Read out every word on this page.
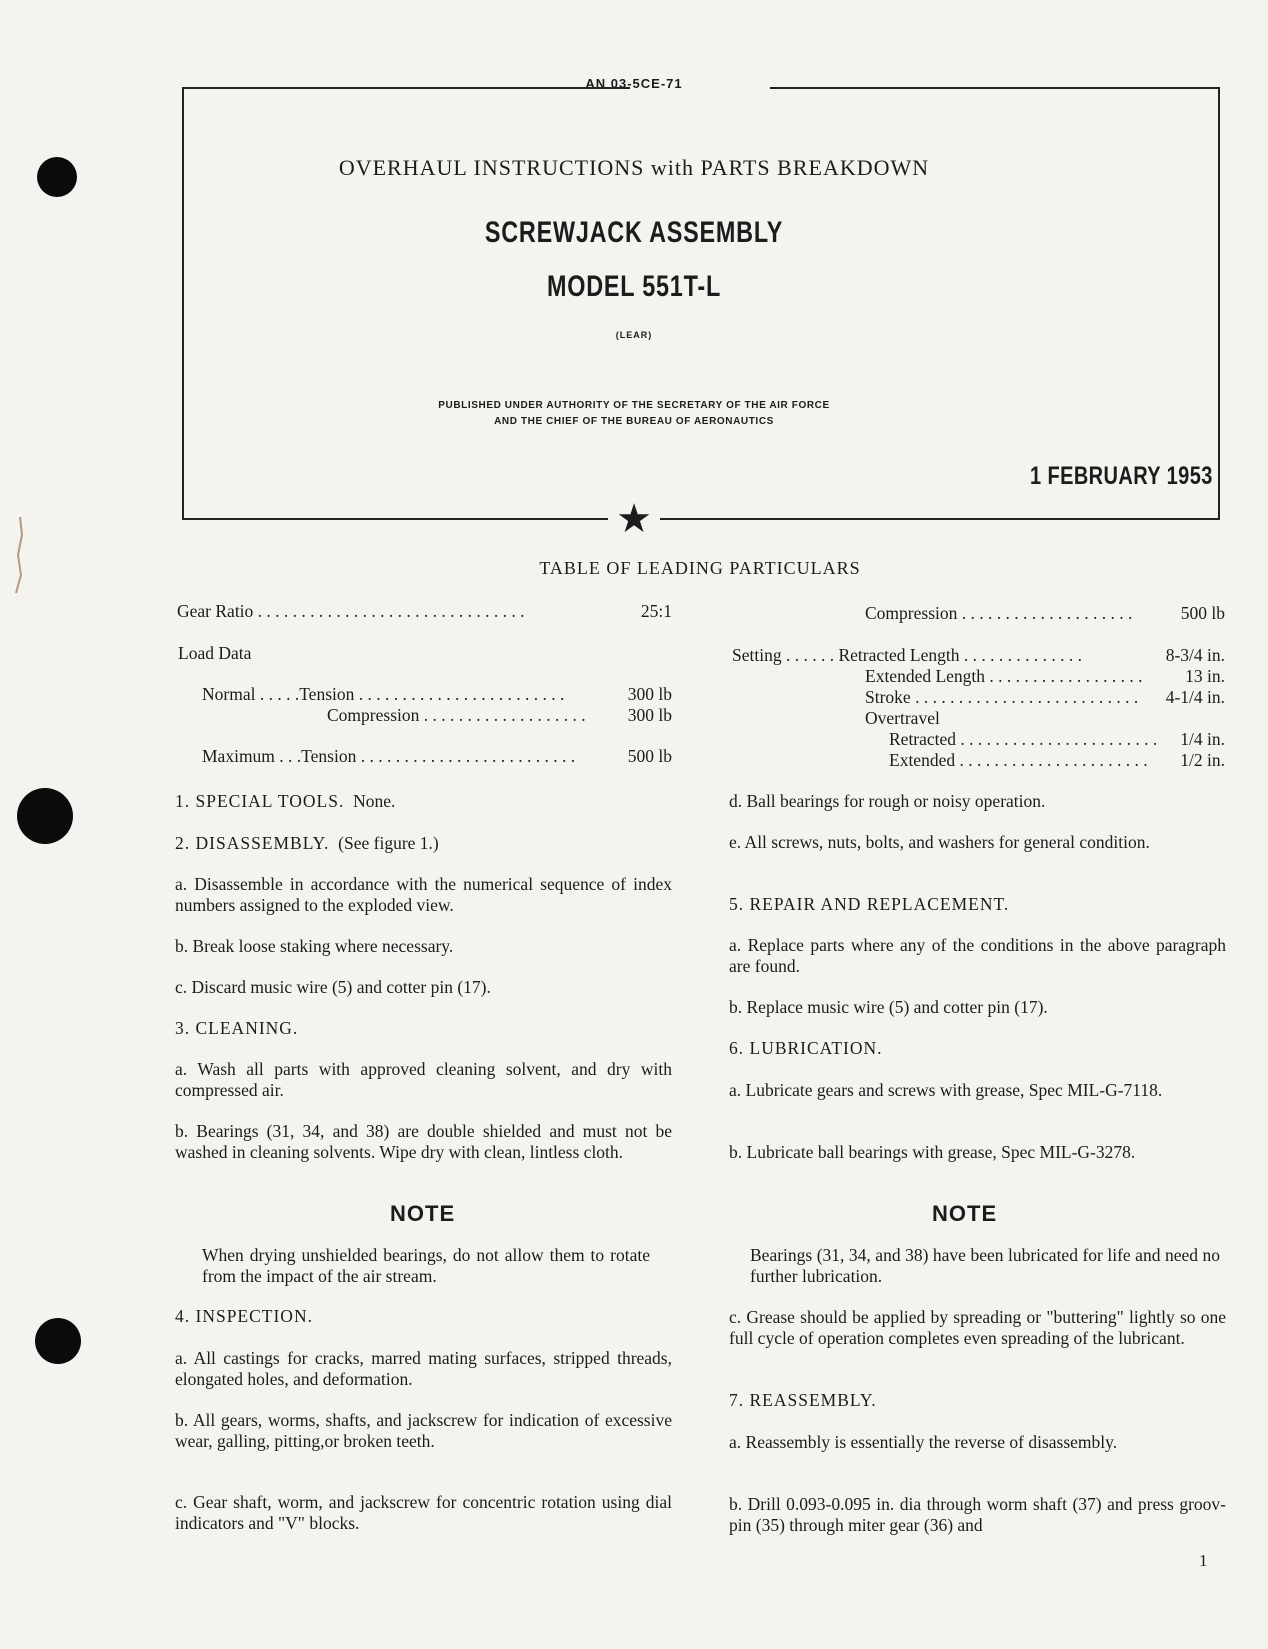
AN 03-5CE-71
OVERHAUL INSTRUCTIONS with PARTS BREAKDOWN
SCREWJACK ASSEMBLY
MODEL 551T-L
(LEAR)
PUBLISHED UNDER AUTHORITY OF THE SECRETARY OF THE AIR FORCE
AND THE CHIEF OF THE BUREAU OF AERONAUTICS
1 FEBRUARY 1953
★
TABLE OF LEADING PARTICULARS
Gear Ratio . . . . . . . . . . . . . . . . . . . . . . . . . . . . . . .	25:1
Load Data
Normal . . . . .Tension . . . . . . . . . . . . . . . . . . . . . . . .	300 lb
Compression . . . . . . . . . . . . . . . . . . .	300 lb
Maximum . . .Tension . . . . . . . . . . . . . . . . . . . . . . . . .	500 lb
Compression . . . . . . . . . . . . . . . . . . . .	500 lb
Setting . . . . . . Retracted Length . . . . . . . . . . . . . .	8-3/4 in.
Extended Length . . . . . . . . . . . . . . . . . .	13 in.
Stroke . . . . . . . . . . . . . . . . . . . . . . . . . .	4-1/4 in.
Overtravel
Retracted . . . . . . . . . . . . . . . . . . . . . . .	1/4 in.
Extended . . . . . . . . . . . . . . . . . . . . . .	1/2 in.
1. SPECIAL TOOLS. None.
2. DISASSEMBLY. (See figure 1.)
a. Disassemble in accordance with the numerical sequence of index numbers assigned to the exploded view.
b. Break loose staking where necessary.
c. Discard music wire (5) and cotter pin (17).
3. CLEANING.
a. Wash all parts with approved cleaning solvent, and dry with compressed air.
b. Bearings (31, 34, and 38) are double shielded and must not be washed in cleaning solvents. Wipe dry with clean, lintless cloth.
NOTE
When drying unshielded bearings, do not allow them to rotate from the impact of the air stream.
4. INSPECTION.
a. All castings for cracks, marred mating surfaces, stripped threads, elongated holes, and deformation.
b. All gears, worms, shafts, and jackscrew for indication of excessive wear, galling, pitting,or broken teeth.
c. Gear shaft, worm, and jackscrew for concentric rotation using dial indicators and "V" blocks.
d. Ball bearings for rough or noisy operation.
e. All screws, nuts, bolts, and washers for general condition.
5. REPAIR AND REPLACEMENT.
a. Replace parts where any of the conditions in the above paragraph are found.
b. Replace music wire (5) and cotter pin (17).
6. LUBRICATION.
a. Lubricate gears and screws with grease, Spec MIL-G-7118.
b. Lubricate ball bearings with grease, Spec MIL-G-3278.
NOTE
Bearings (31, 34, and 38) have been lubricated for life and need no further lubrication.
c. Grease should be applied by spreading or "buttering" lightly so one full cycle of operation completes even spreading of the lubricant.
7. REASSEMBLY.
a. Reassembly is essentially the reverse of disassembly.
b. Drill 0.093-0.095 in. dia through worm shaft (37) and press groov-pin (35) through miter gear (36) and
1
